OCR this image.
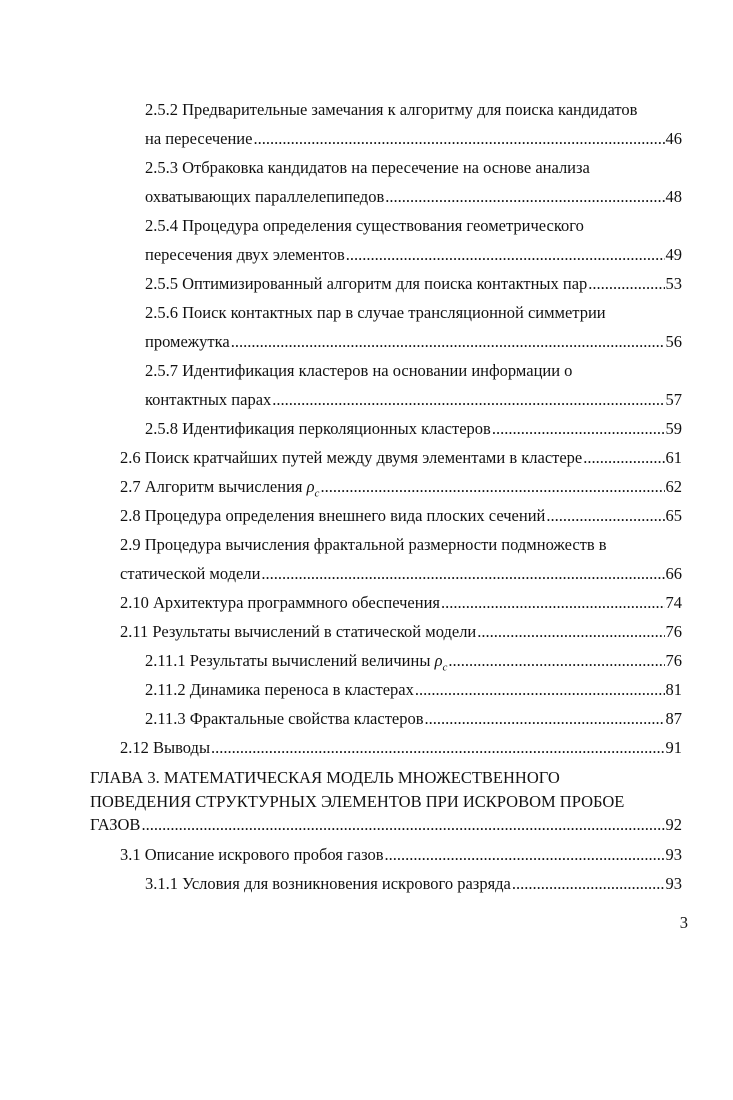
2.5.2 Предварительные замечания к алгоритму для поиска кандидатов
на пересечение .....	46
2.5.3 Отбраковка кандидатов на пересечение на основе анализа
охватывающих параллелепипедов .....	48
2.5.4 Процедура определения существования геометрического
пересечения двух элементов .....	49
2.5.5 Оптимизированный алгоритм для поиска контактных пар .....	53
2.5.6 Поиск контактных пар в случае трансляционной симметрии
промежутка .....	56
2.5.7 Идентификация кластеров на основании информации о
контактных парах .....	57
2.5.8 Идентификация перколяционных кластеров .....	59
2.6 Поиск кратчайших путей между двумя элементами в кластере .....	61
2.7 Алгоритм вычисления $\rho_c$ .....	62
2.8 Процедура определения внешнего вида плоских сечений .....	65
2.9 Процедура вычисления фрактальной размерности подмножеств в
статической модели .....	66
2.10 Архитектура программного обеспечения .....	74
2.11 Результаты вычислений в статической модели .....	76
2.11.1 Результаты вычислений величины $\rho_c$ .....	76
2.11.2 Динамика переноса в кластерах .....	81
2.11.3 Фрактальные свойства кластеров .....	87
2.12 Выводы .....	91
ГЛАВА 3. МАТЕМАТИЧЕСКАЯ МОДЕЛЬ МНОЖЕСТВЕННОГО
ПОВЕДЕНИЯ СТРУКТУРНЫХ ЭЛЕМЕНТОВ ПРИ ИСКРОВОМ ПРОБОЕ
ГАЗОВ .....	92
3.1 Описание искрового пробоя газов .....	93
3.1.1 Условия для возникновения искрового разряда .....	93
3
